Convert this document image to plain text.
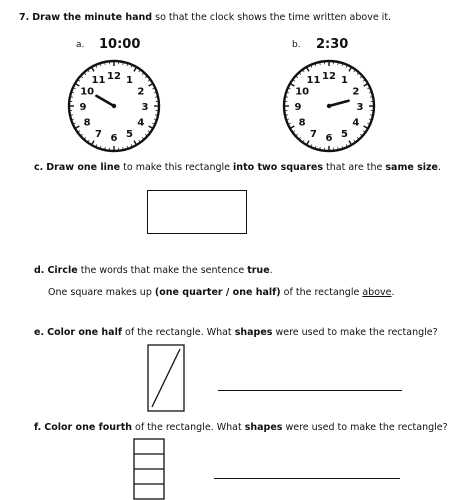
7. Draw the minute hand so that the clock shows the time written above it.
a. 10:00
12 1
2
3
4
5
6
7
8
9
10
11
b. 2:30
12 1
2
3
4
5
6
7
8
9
10
11
c. Draw one line to make this rectangle into two squares that are the same size.
d. Circle the words that make the sentence true.
One square makes up (one quarter / one half) of the rectangle above.
e. Color one half of the rectangle. What shapes were used to make the rectangle?
f. Color one fourth of the rectangle. What shapes were used to make the rectangle?
